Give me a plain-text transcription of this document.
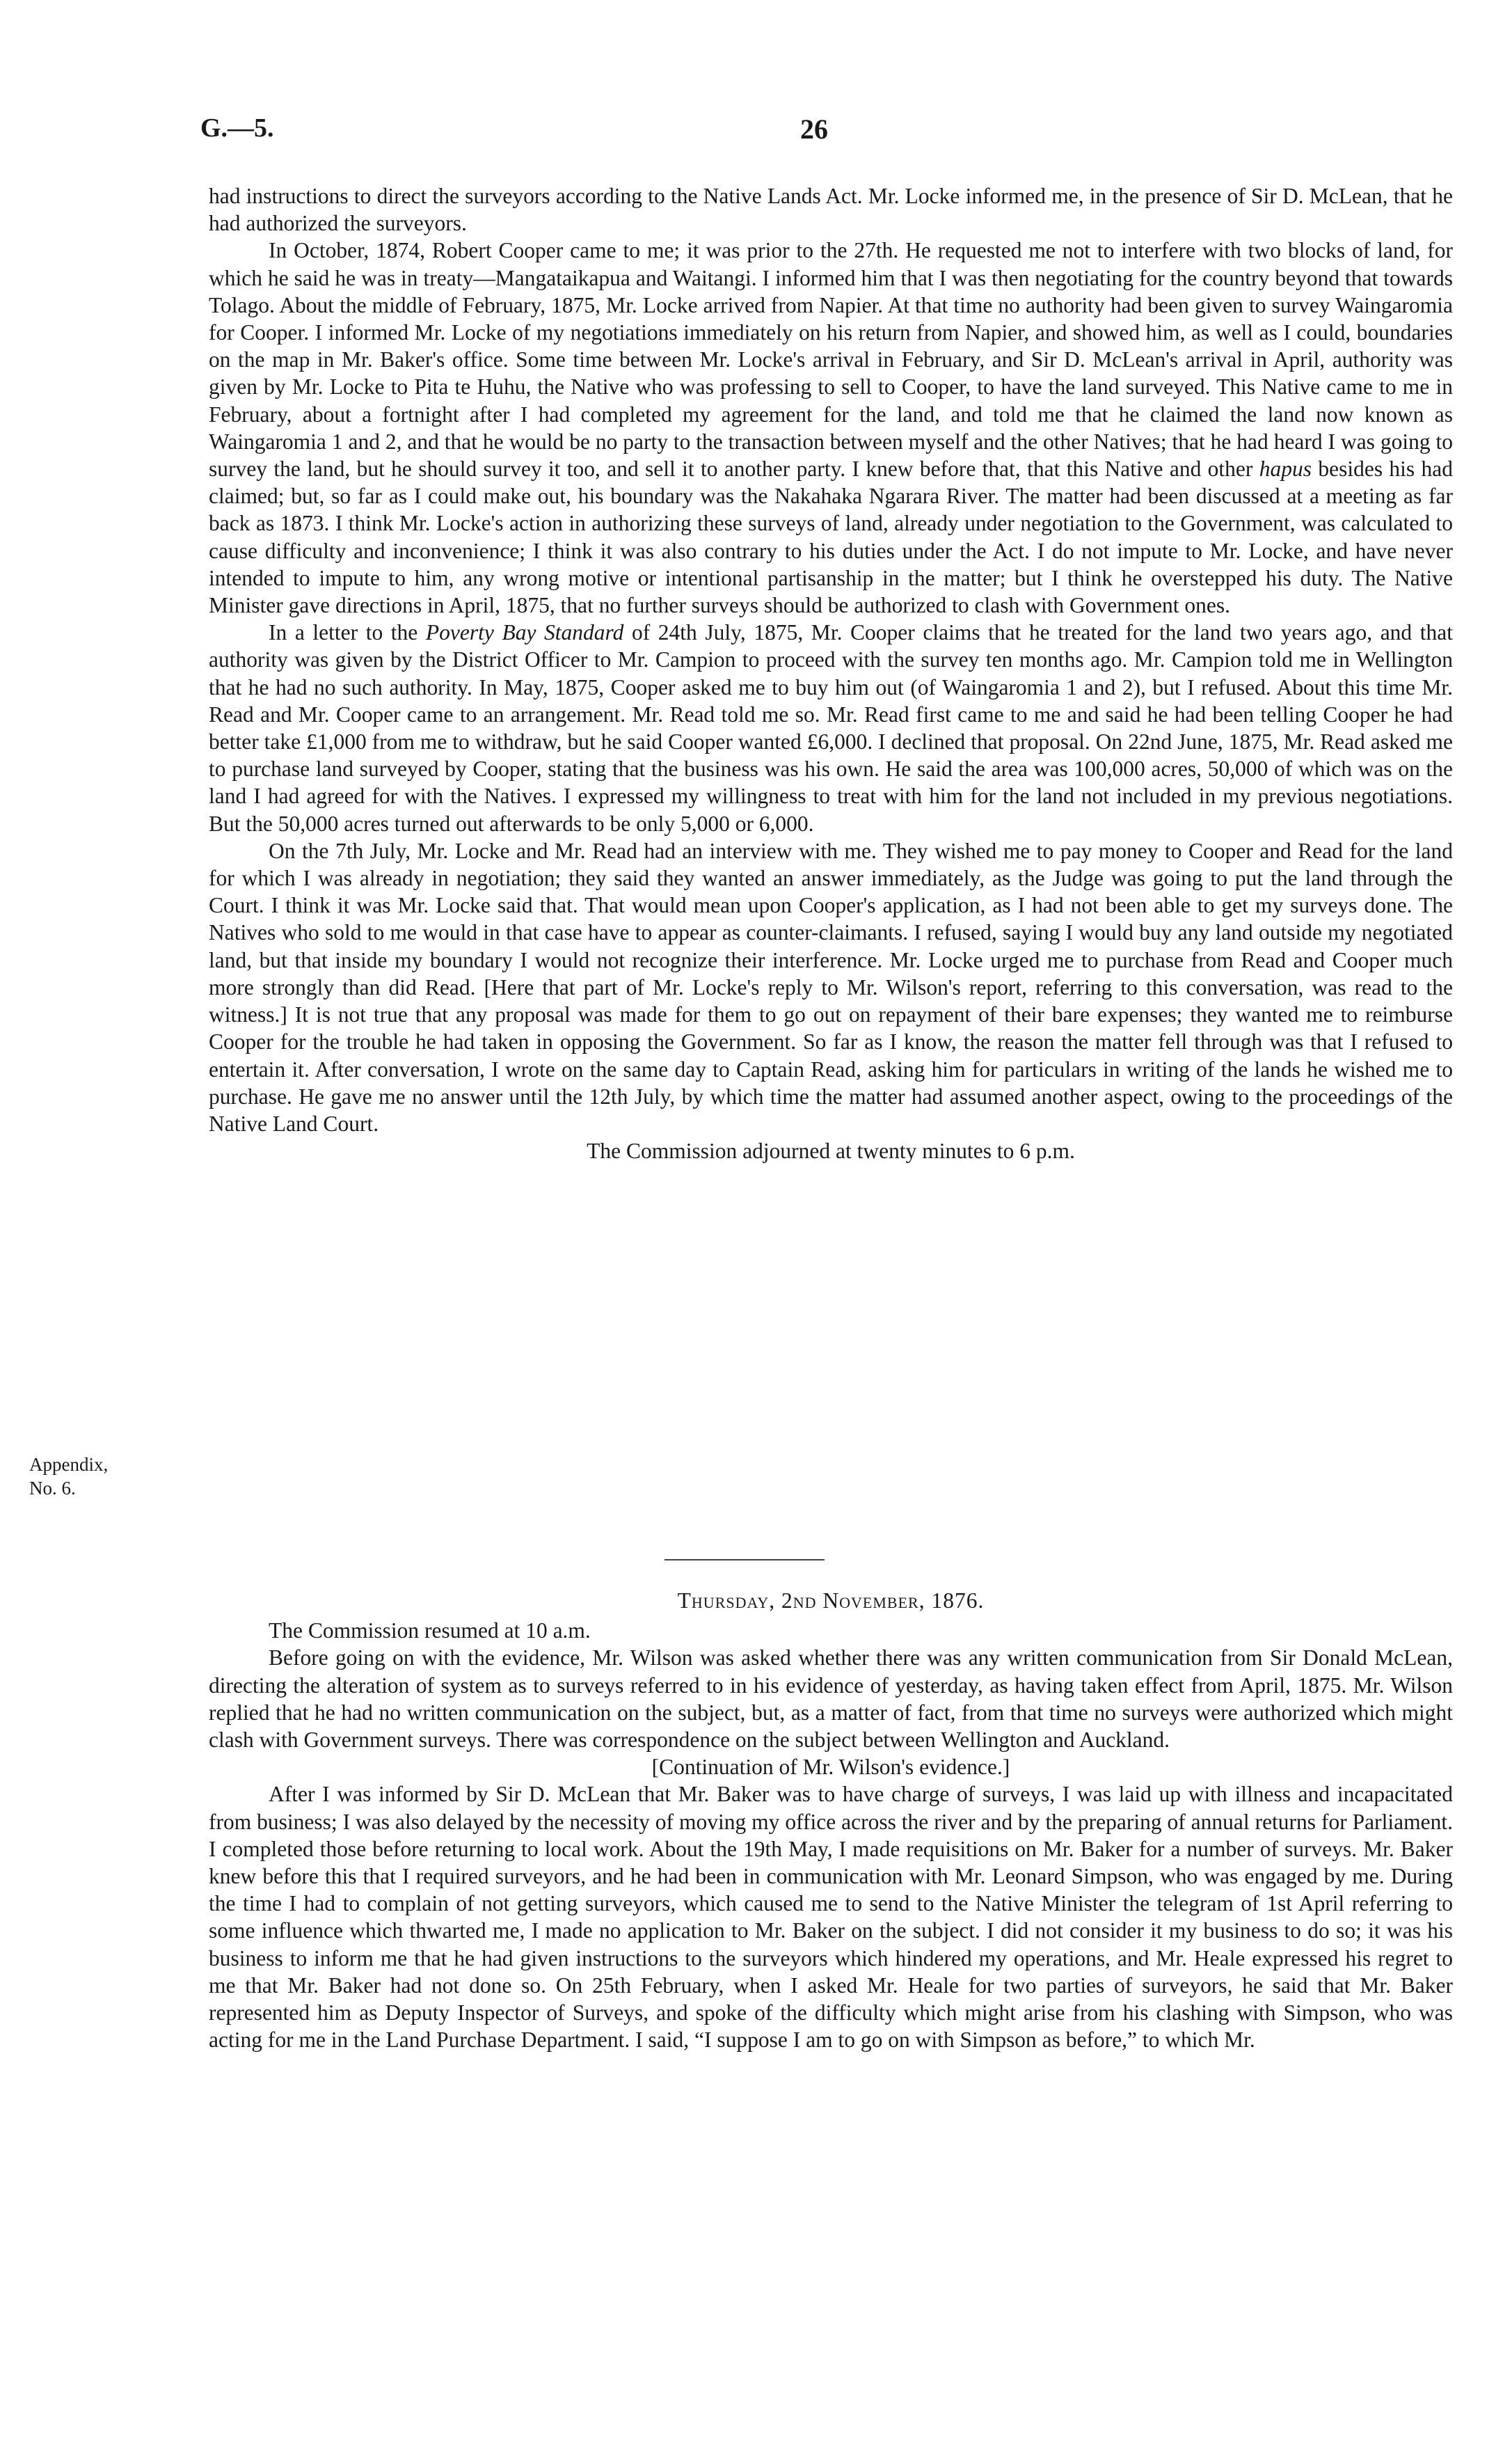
G.—5.	26
Appendix,
No. 6.

had instructions to direct the surveyors according to the Native Lands Act. Mr. Locke informed me, in the presence of Sir D. McLean, that he had authorized the surveyors.

In October, 1874, Robert Cooper came to me; it was prior to the 27th. He requested me not to interfere with two blocks of land, for which he said he was in treaty—Mangataikapua and Waitangi. I informed him that I was then negotiating for the country beyond that towards Tolago. About the middle of February, 1875, Mr. Locke arrived from Napier. At that time no authority had been given to survey Waingaromia for Cooper. I informed Mr. Locke of my negotiations immediately on his return from Napier, and showed him, as well as I could, boundaries on the map in Mr. Baker's office. Some time between Mr. Locke's arrival in February, and Sir D. McLean's arrival in April, authority was given by Mr. Locke to Pita te Huhu, the Native who was professing to sell to Cooper, to have the land surveyed. This Native came to me in February, about a fortnight after I had completed my agreement for the land, and told me that he claimed the land now known as Waingaromia 1 and 2, and that he would be no party to the transaction between myself and the other Natives; that he had heard I was going to survey the land, but he should survey it too, and sell it to another party. I knew before that, that this Native and other hapus besides his had claimed; but, so far as I could make out, his boundary was the Nakahaka Ngarara River. The matter had been discussed at a meeting as far back as 1873. I think Mr. Locke's action in authorizing these surveys of land, already under negotiation to the Government, was calculated to cause difficulty and inconvenience; I think it was also contrary to his duties under the Act. I do not impute to Mr. Locke, and have never intended to impute to him, any wrong motive or intentional partisanship in the matter; but I think he overstepped his duty. The Native Minister gave directions in April, 1875, that no further surveys should be authorized to clash with Government ones.

In a letter to the Poverty Bay Standard of 24th July, 1875, Mr. Cooper claims that he treated for the land two years ago, and that authority was given by the District Officer to Mr. Campion to proceed with the survey ten months ago. Mr. Campion told me in Wellington that he had no such authority. In May, 1875, Cooper asked me to buy him out (of Waingaromia 1 and 2), but I refused. About this time Mr. Read and Mr. Cooper came to an arrangement. Mr. Read told me so. Mr. Read first came to me and said he had been telling Cooper he had better take £1,000 from me to withdraw, but he said Cooper wanted £6,000. I declined that proposal. On 22nd June, 1875, Mr. Read asked me to purchase land surveyed by Cooper, stating that the business was his own. He said the area was 100,000 acres, 50,000 of which was on the land I had agreed for with the Natives. I expressed my willingness to treat with him for the land not included in my previous negotiations. But the 50,000 acres turned out afterwards to be only 5,000 or 6,000.

On the 7th July, Mr. Locke and Mr. Read had an interview with me. They wished me to pay money to Cooper and Read for the land for which I was already in negotiation; they said they wanted an answer immediately, as the Judge was going to put the land through the Court. I think it was Mr. Locke said that. That would mean upon Cooper's application, as I had not been able to get my surveys done. The Natives who sold to me would in that case have to appear as counter-claimants. I refused, saying I would buy any land outside my negotiated land, but that inside my boundary I would not recognize their interference. Mr. Locke urged me to purchase from Read and Cooper much more strongly than did Read. [Here that part of Mr. Locke's reply to Mr. Wilson's report, referring to this conversation, was read to the witness.] It is not true that any proposal was made for them to go out on repayment of their bare expenses; they wanted me to reimburse Cooper for the trouble he had taken in opposing the Government. So far as I know, the reason the matter fell through was that I refused to entertain it. After conversation, I wrote on the same day to Captain Read, asking him for particulars in writing of the lands he wished me to purchase. He gave me no answer until the 12th July, by which time the matter had assumed another aspect, owing to the proceedings of the Native Land Court.

The Commission adjourned at twenty minutes to 6 p.m.

Thursday, 2nd November, 1876.

The Commission resumed at 10 a.m.

Before going on with the evidence, Mr. Wilson was asked whether there was any written communication from Sir Donald McLean, directing the alteration of system as to surveys referred to in his evidence of yesterday, as having taken effect from April, 1875. Mr. Wilson replied that he had no written communication on the subject, but, as a matter of fact, from that time no surveys were authorized which might clash with Government surveys. There was correspondence on the subject between Wellington and Auckland.

[Continuation of Mr. Wilson's evidence.]

After I was informed by Sir D. McLean that Mr. Baker was to have charge of surveys, I was laid up with illness and incapacitated from business; I was also delayed by the necessity of moving my office across the river and by the preparing of annual returns for Parliament. I completed those before returning to local work. About the 19th May, I made requisitions on Mr. Baker for a number of surveys. Mr. Baker knew before this that I required surveyors, and he had been in communication with Mr. Leonard Simpson, who was engaged by me. During the time I had to complain of not getting surveyors, which caused me to send to the Native Minister the telegram of 1st April referring to some influence which thwarted me, I made no application to Mr. Baker on the subject. I did not consider it my business to do so; it was his business to inform me that he had given instructions to the surveyors which hindered my operations, and Mr. Heale expressed his regret to me that Mr. Baker had not done so. On 25th February, when I asked Mr. Heale for two parties of surveyors, he said that Mr. Baker represented him as Deputy Inspector of Surveys, and spoke of the difficulty which might arise from his clashing with Simpson, who was acting for me in the Land Purchase Department. I said, “I suppose I am to go on with Simpson as before,” to which Mr.
